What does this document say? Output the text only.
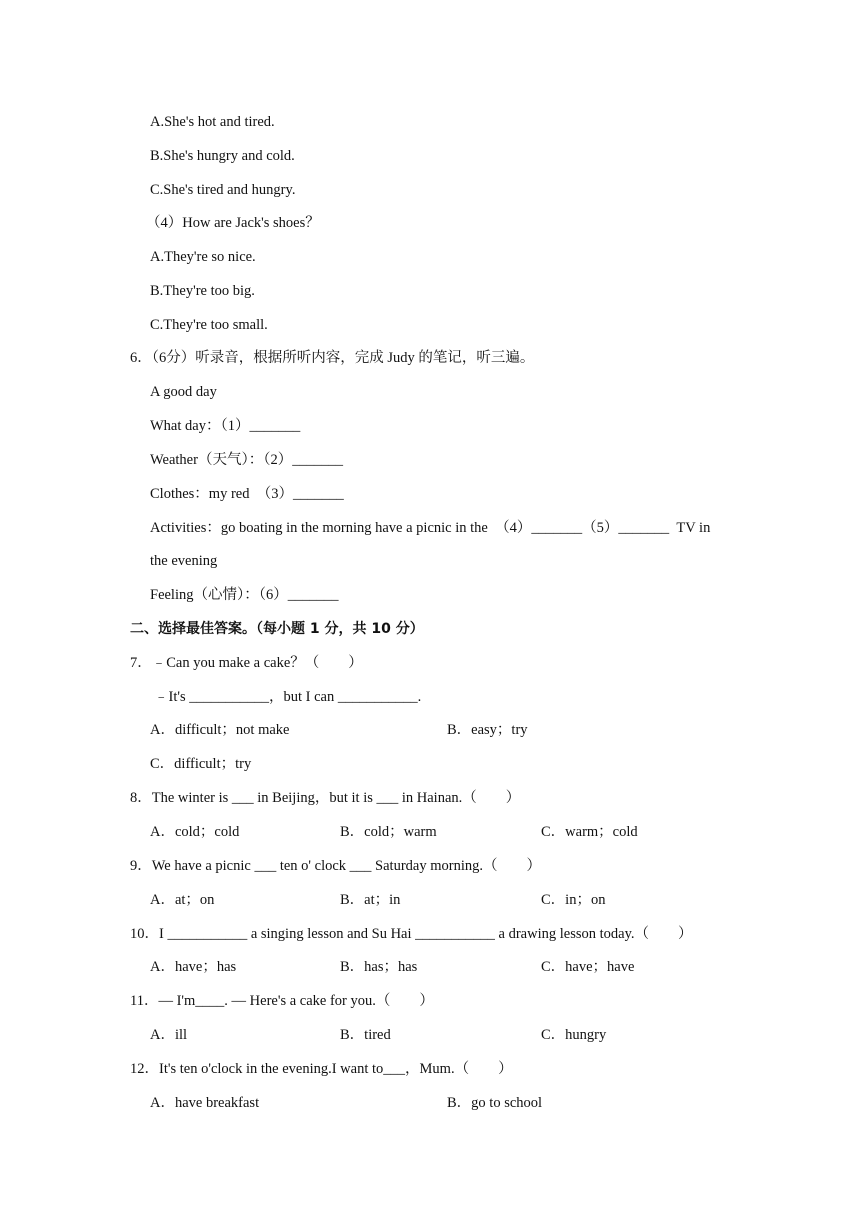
A.She's hot and tired.
B.She's hungry and cold.
C.She's tired and hungry.
（4）How are Jack's shoes？
A.They're so nice.
B.They're too big.
C.They're too small.
6．（6分）听录音，根据所听内容，完成 Judy 的笔记，听三遍。
A good day
What day：（1）_______
Weather（天气）：（2）_______
Clothes：my red  （3）_______
Activities：go boating in the morning have a picnic in the  （4）_______（5）_______  TV in
the evening
Feeling（心情）：（6）_______
二、选择最佳答案。（每小题 1 分，共 10 分）
7．﹣Can you make a cake？（　　）
﹣It's ___________，but I can ___________.
A．difficult；not make	B．easy；try
C．difficult；try
8．The winter is ___ in Beijing，but it is ___ in Hainan.（　　）
A．cold；cold	B．cold；warm	C．warm；cold
9．We have a picnic ___ ten o' clock ___ Saturday morning.（　　）
A．at；on	B．at；in	C．in；on
10．I ___________ a singing lesson and Su Hai ___________ a drawing lesson today.（　　）
A．have；has	B．has；has	C．have；have
11．— I'm____. — Here's a cake for you.（　　）
A．ill	B．tired	C．hungry
12．It's ten o'clock in the evening.I want to___，Mum.（　　）
A．have breakfast	B．go to school
